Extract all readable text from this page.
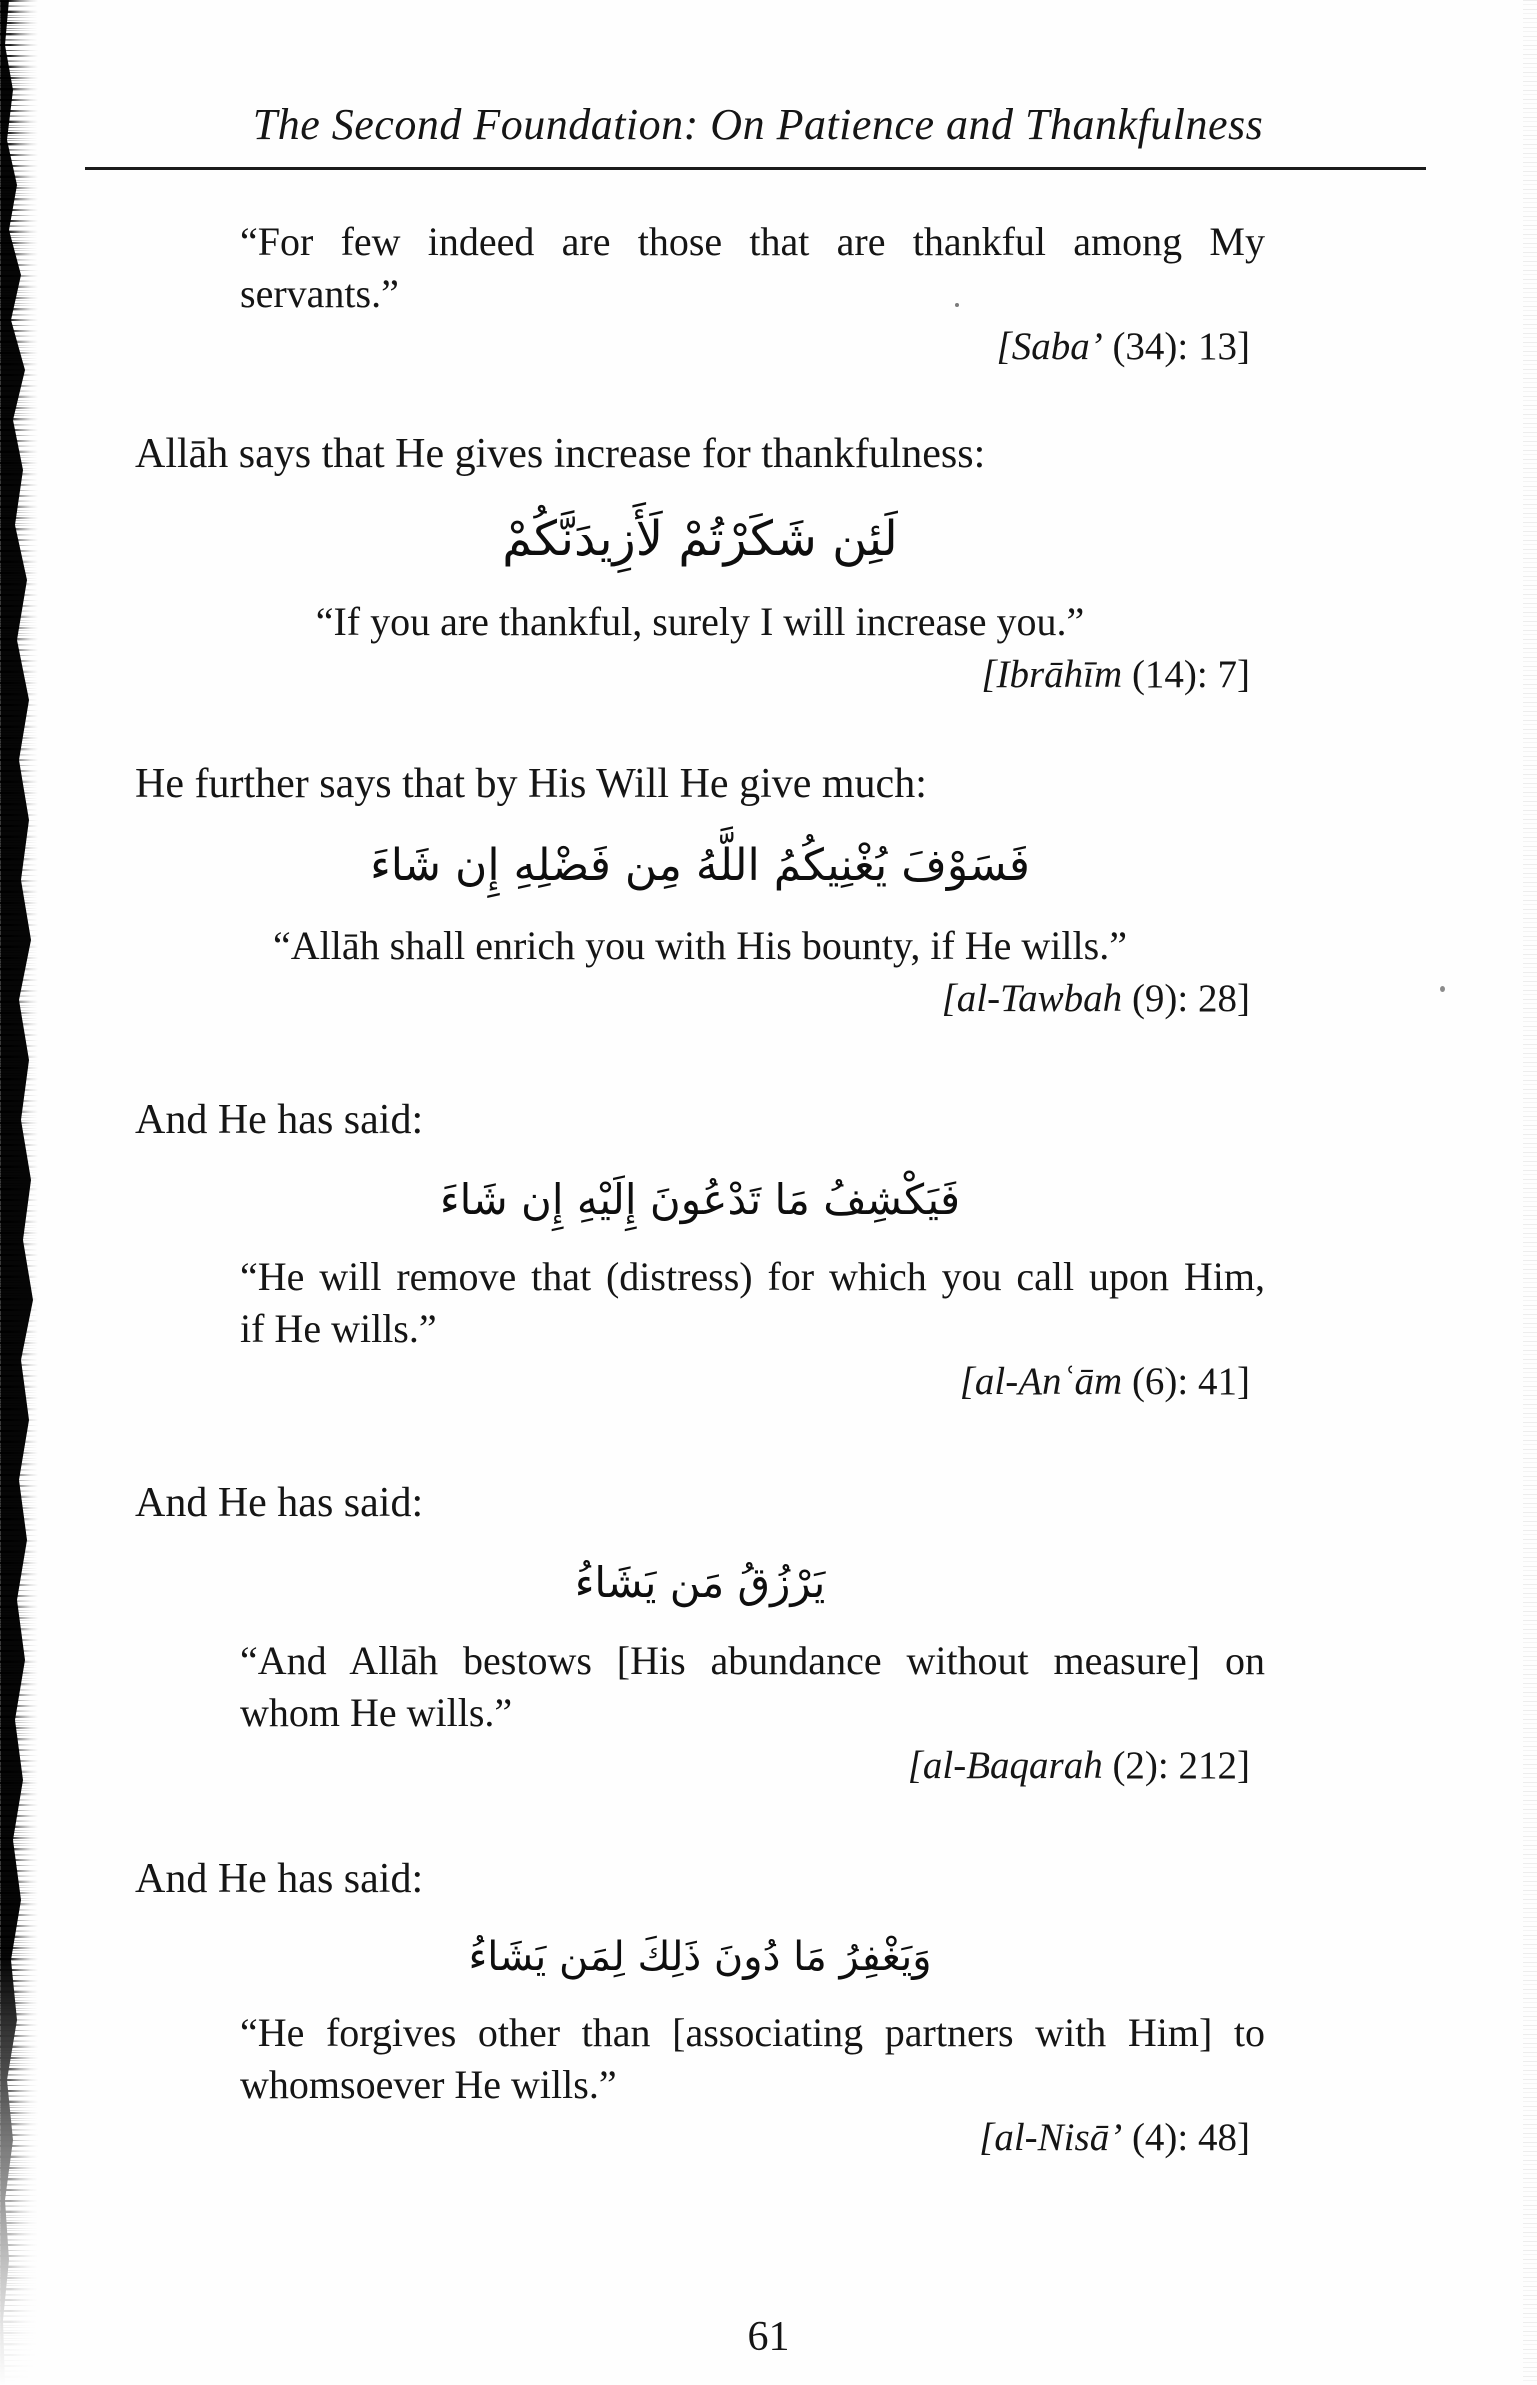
The Second Foundation: On Patience and Thankfulness
“For few indeed are those that are thankful among My
servants.”

[Saba’ (34): 13]

Allāh says that He gives increase for thankfulness:

لَئِن شَكَرْتُمْ لَأَزِيدَنَّكُمْ

“If you are thankful, surely I will increase you.”

[Ibrāhīm (14): 7]

He further says that by His Will He give much:

فَسَوْفَ يُغْنِيكُمُ اللَّهُ مِن فَضْلِهِ إِن شَاءَ

“Allāh shall enrich you with His bounty, if He wills.”

[al-Tawbah (9): 28]

And He has said:

فَيَكْشِفُ مَا تَدْعُونَ إِلَيْهِ إِن شَاءَ

“He will remove that (distress) for which you call upon Him,
if He wills.”

[al-Anʿām (6): 41]

And He has said:

يَرْزُقُ مَن يَشَاءُ

“And Allāh bestows [His abundance without measure] on
whom He wills.”

[al-Baqarah (2): 212]

And He has said:

وَيَغْفِرُ مَا دُونَ ذَلِكَ لِمَن يَشَاءُ

“He forgives other than [associating partners with Him] to
whomsoever He wills.”

[al-Nisā’ (4): 48]

61
